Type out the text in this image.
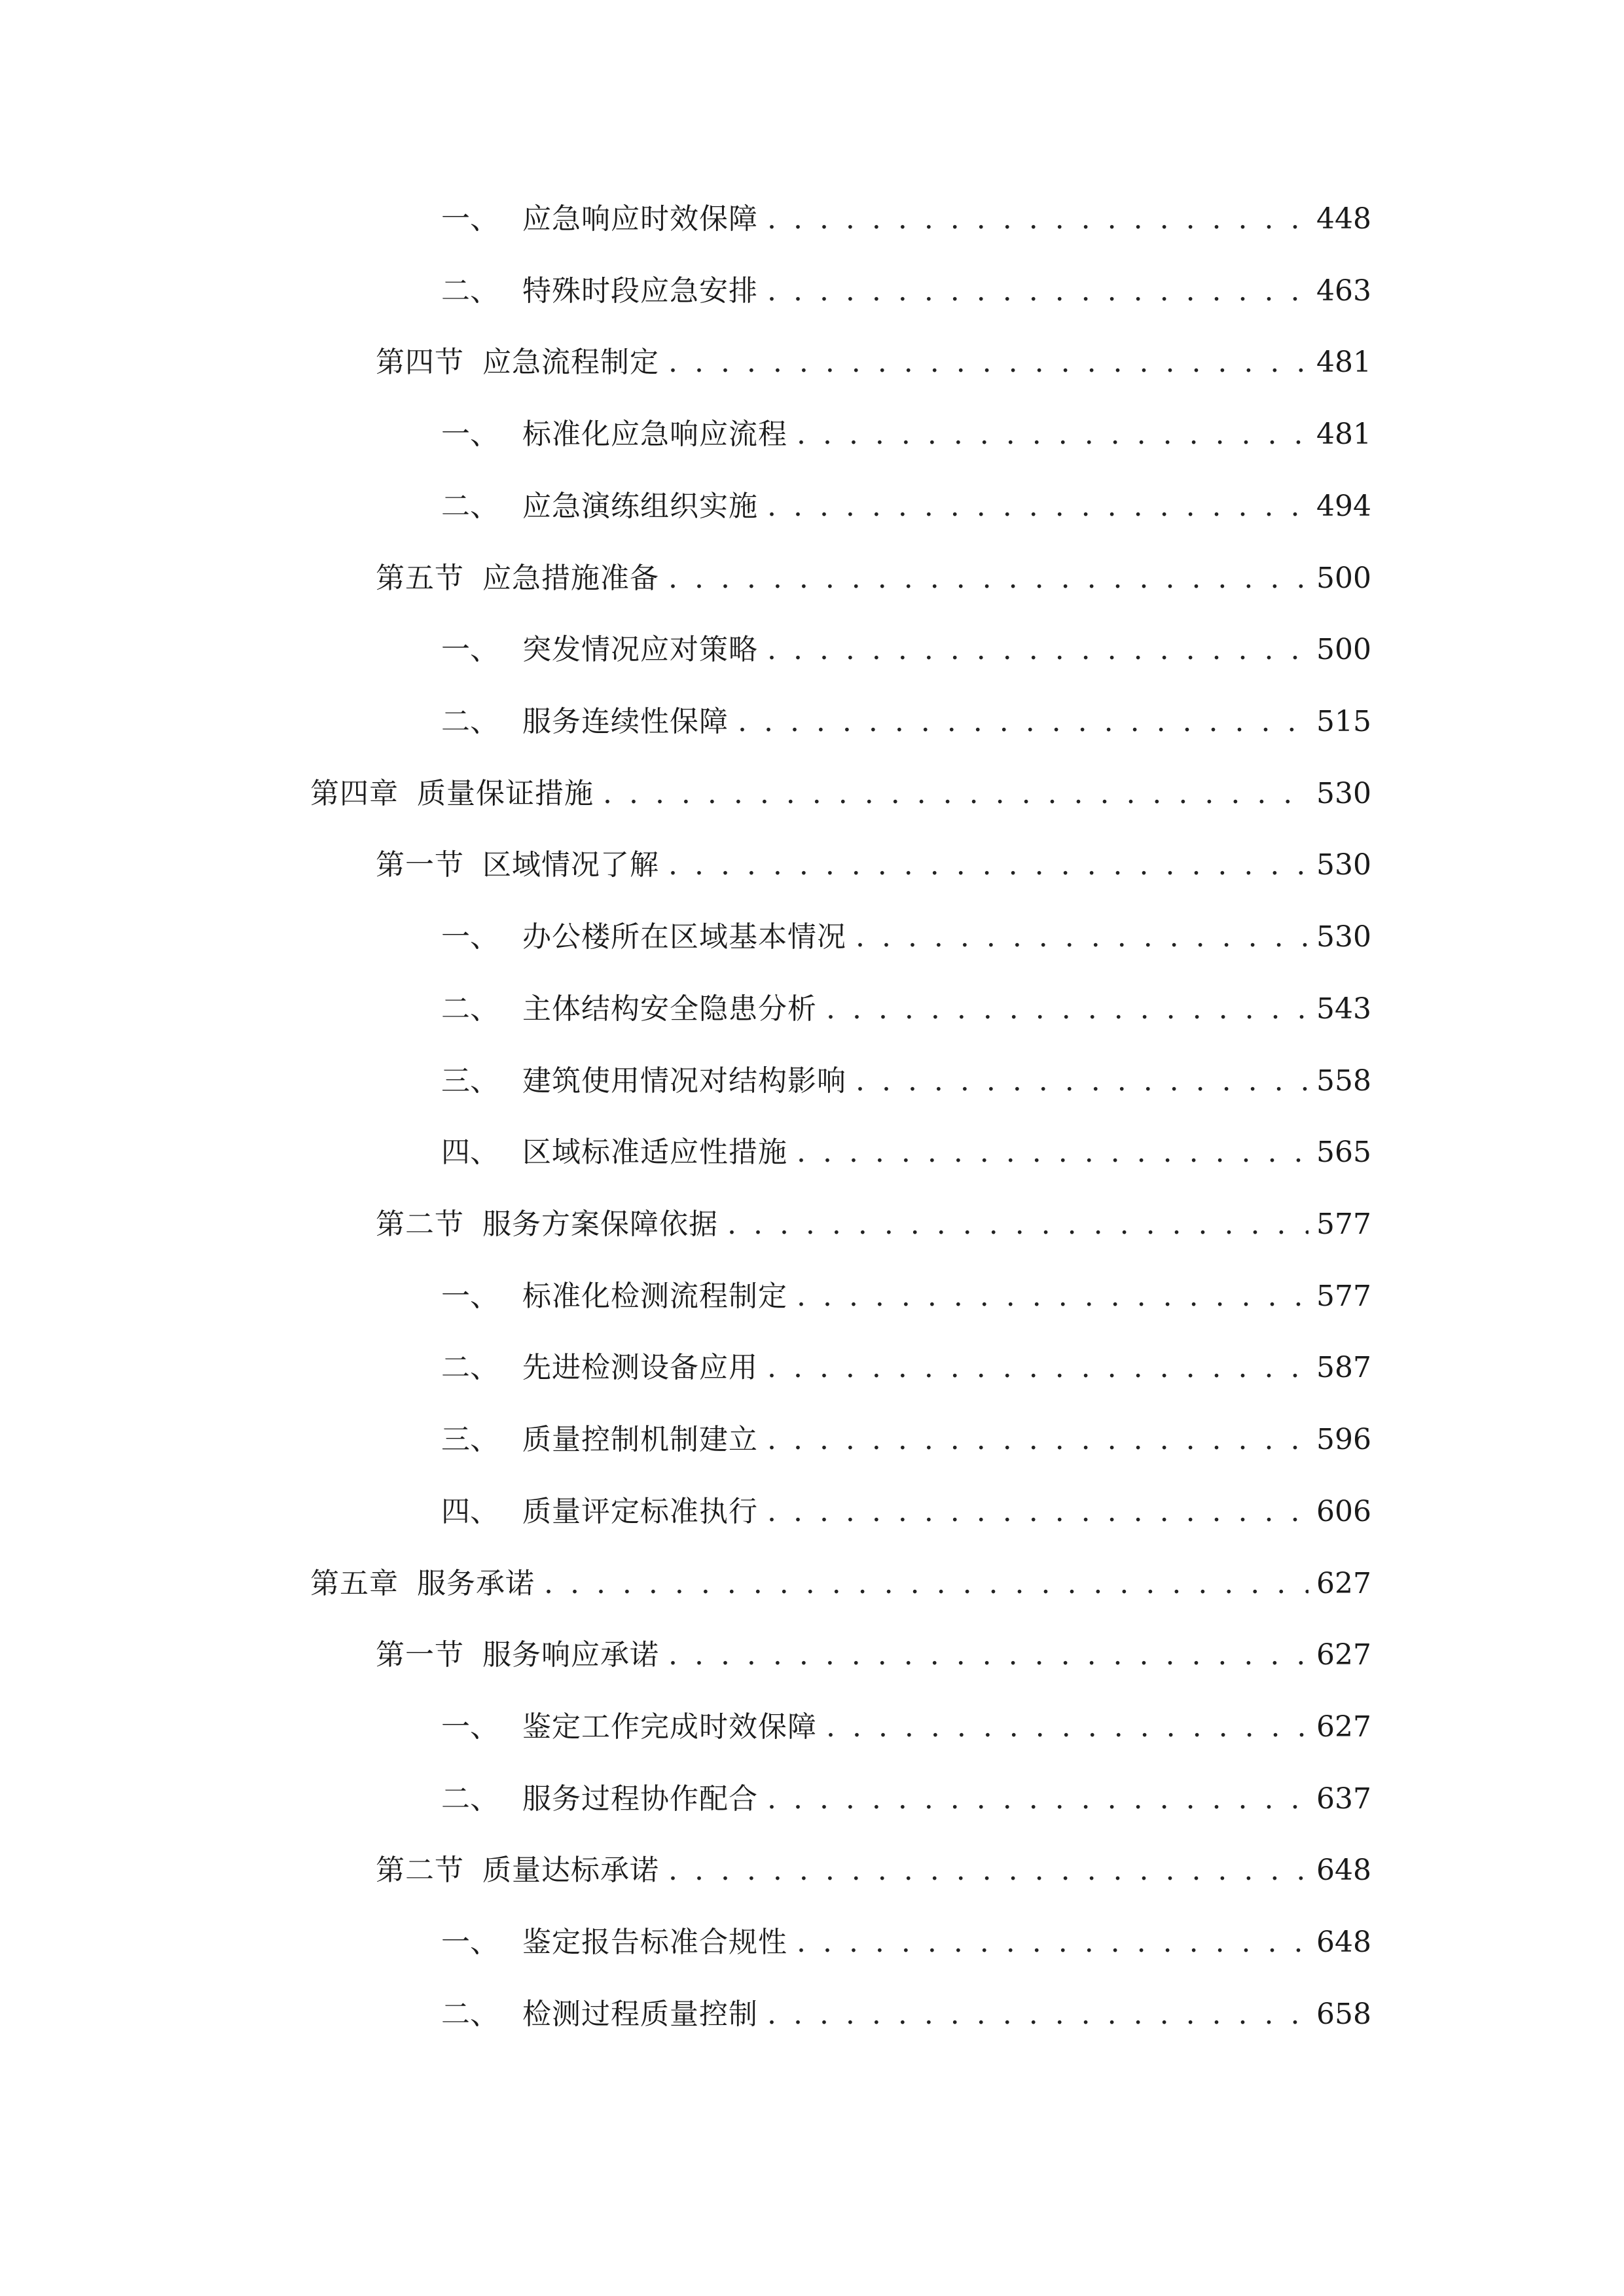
一、 应急响应时效保障 . . .	448
二、 特殊时段应急安排 . . .	463
第四节 应急流程制定 . . .	481
一、 标准化应急响应流程 . . .	481
二、 应急演练组织实施 . . .	494
第五节 应急措施准备 . . .	500
一、 突发情况应对策略 . . .	500
二、 服务连续性保障 . . .	515
第四章 质量保证措施 . . .	530
第一节 区域情况了解 . . .	530
一、 办公楼所在区域基本情况 . . .	530
二、 主体结构安全隐患分析 . . .	543
三、 建筑使用情况对结构影响 . . .	558
四、 区域标准适应性措施 . . .	565
第二节 服务方案保障依据 . . .	577
一、 标准化检测流程制定 . . .	577
二、 先进检测设备应用 . . .	587
三、 质量控制机制建立 . . .	596
四、 质量评定标准执行 . . .	606
第五章 服务承诺 . . .	627
第一节 服务响应承诺 . . .	627
一、 鉴定工作完成时效保障 . . .	627
二、 服务过程协作配合 . . .	637
第二节 质量达标承诺 . . .	648
一、 鉴定报告标准合规性 . . .	648
二、 检测过程质量控制 . . .	658
